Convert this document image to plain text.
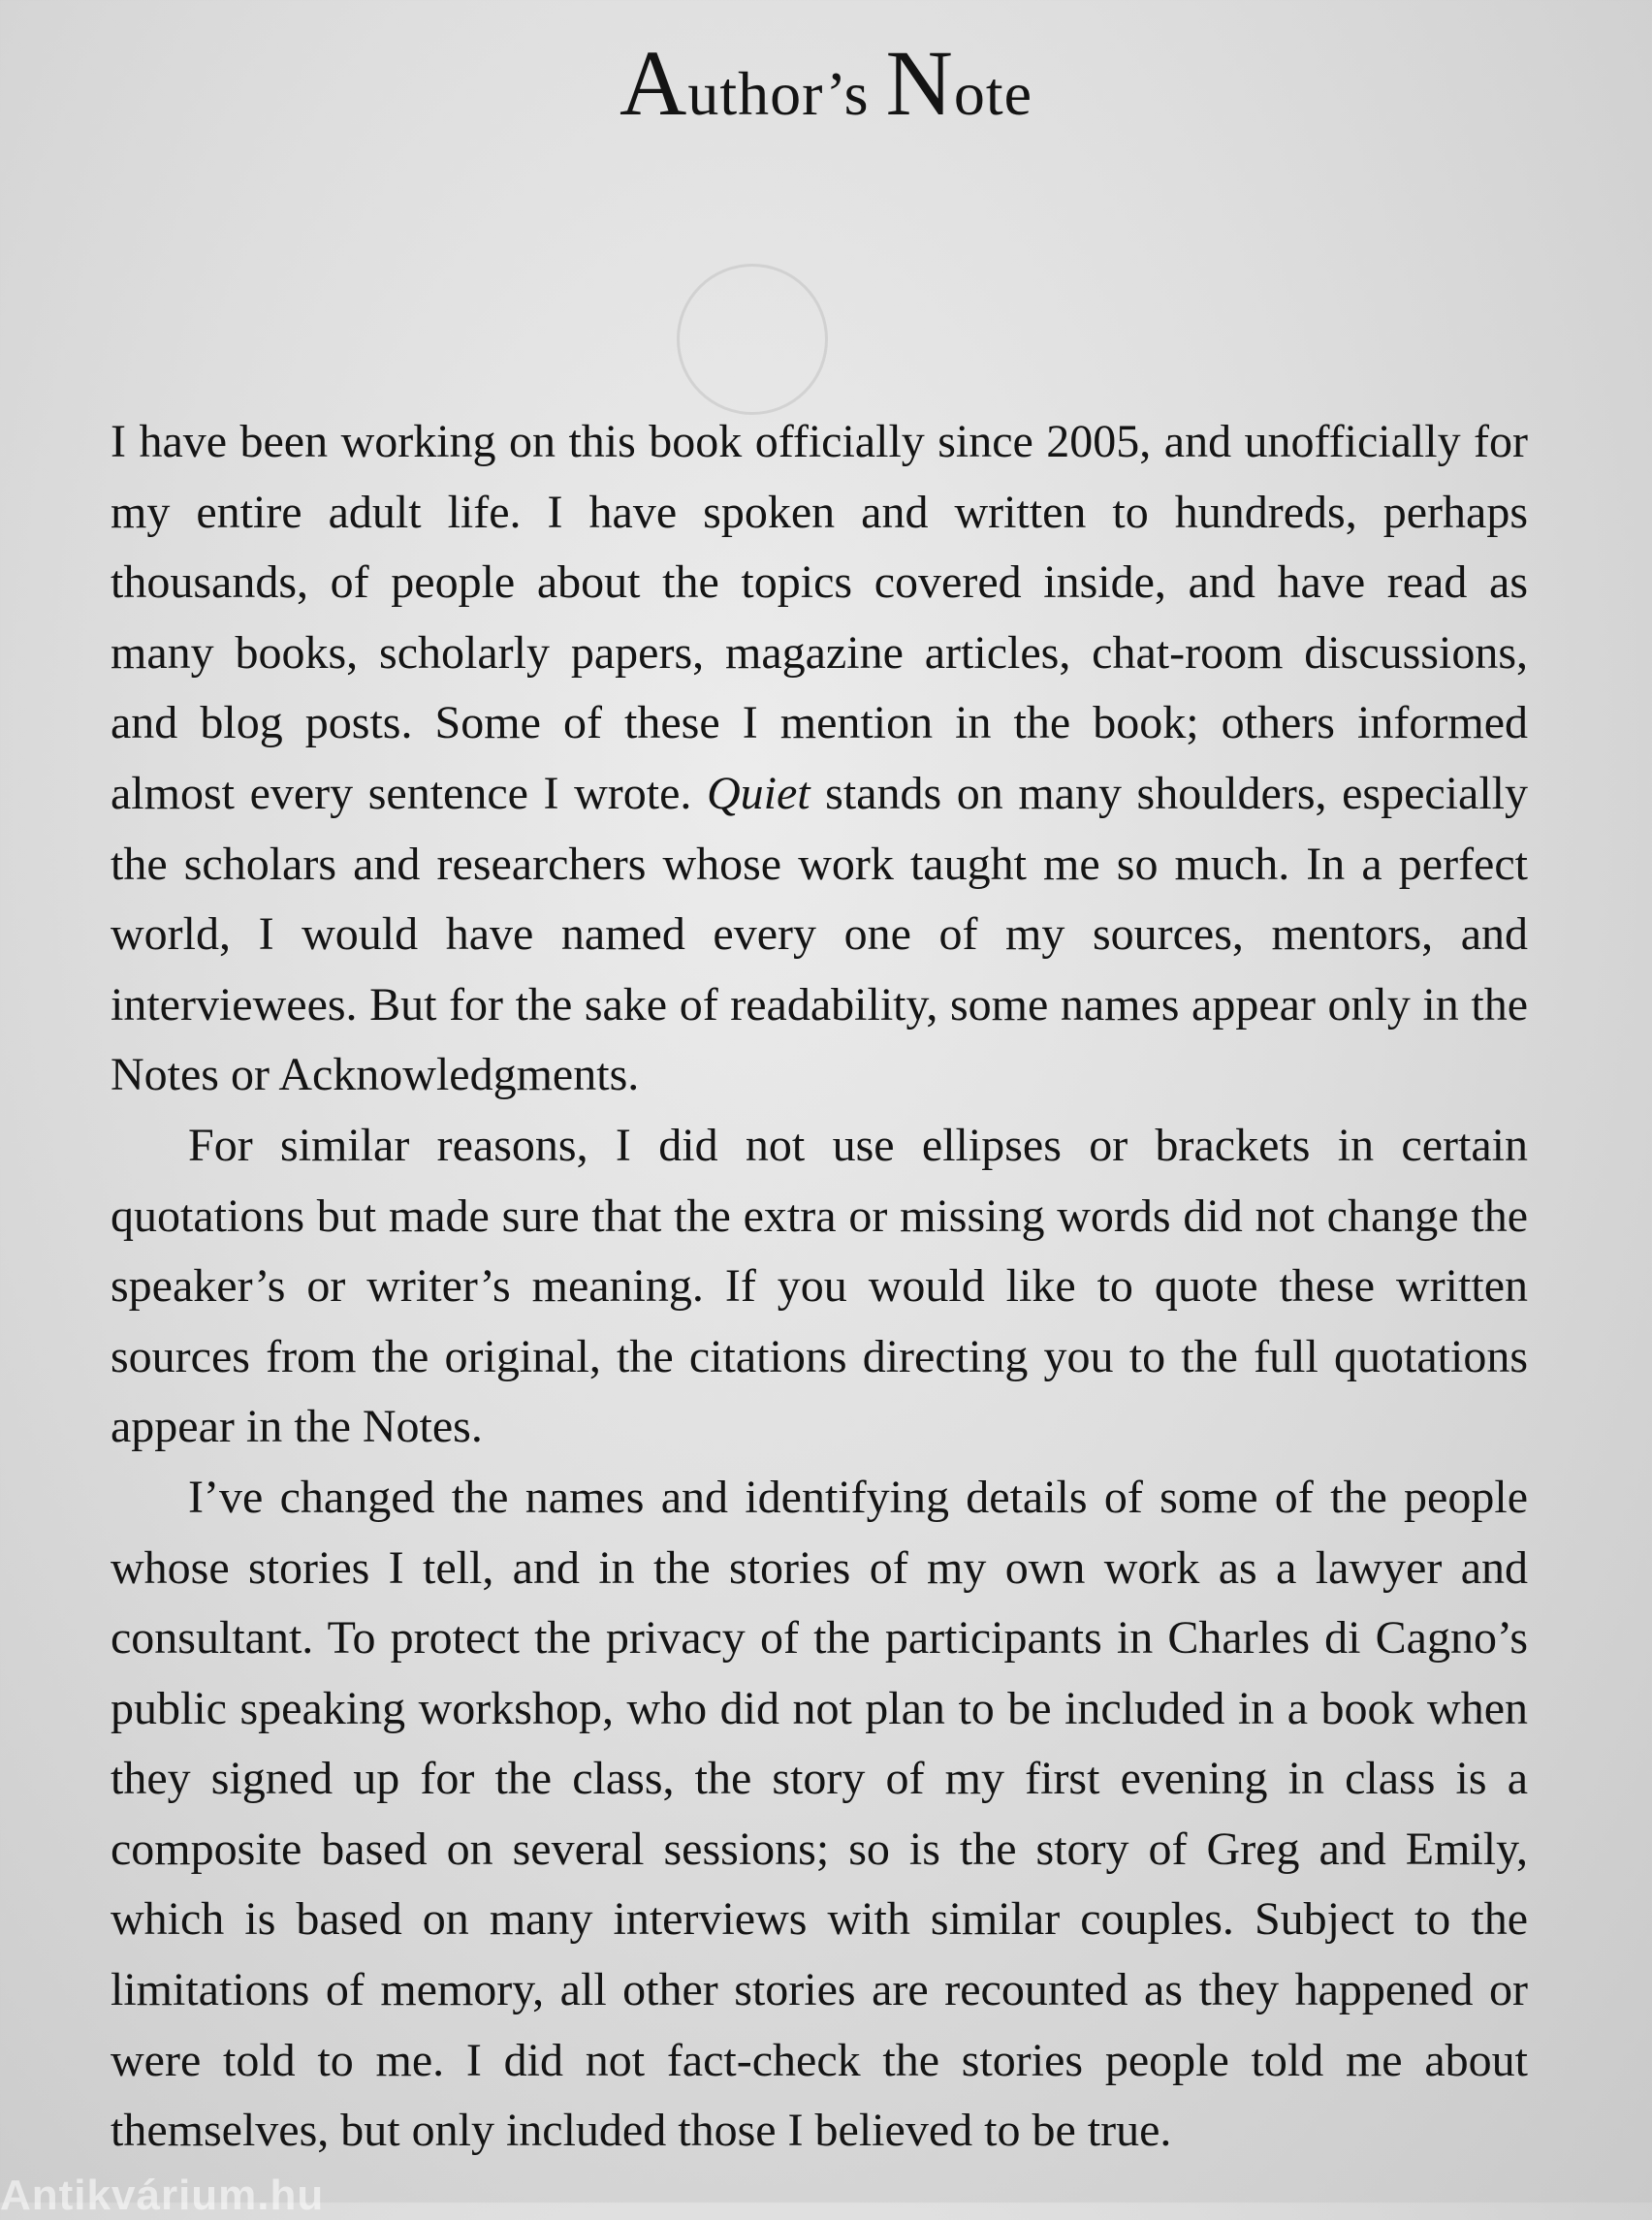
Author’s Note

I have been working on this book officially since 2005, and unofficially for my entire adult life. I have spoken and written to hundreds, perhaps thousands, of people about the topics covered inside, and have read as many books, scholarly papers, magazine articles, chat-room discussions, and blog posts. Some of these I mention in the book; others informed almost every sentence I wrote. Quiet stands on many shoulders, especially the scholars and researchers whose work taught me so much. In a perfect world, I would have named every one of my sources, mentors, and interviewees. But for the sake of readability, some names appear only in the Notes or Acknowledgments.

For similar reasons, I did not use ellipses or brackets in certain quotations but made sure that the extra or missing words did not change the speaker’s or writer’s meaning. If you would like to quote these written sources from the original, the citations directing you to the full quotations appear in the Notes.

I’ve changed the names and identifying details of some of the people whose stories I tell, and in the stories of my own work as a lawyer and consultant. To protect the privacy of the participants in Charles di Cagno’s public speaking workshop, who did not plan to be included in a book when they signed up for the class, the story of my first evening in class is a composite based on several sessions; so is the story of Greg and Emily, which is based on many interviews with similar couples. Subject to the limitations of memory, all other stories are recounted as they happened or were told to me. I did not fact-check the stories people told me about themselves, but only included those I believed to be true.

Antikvárium.hu
